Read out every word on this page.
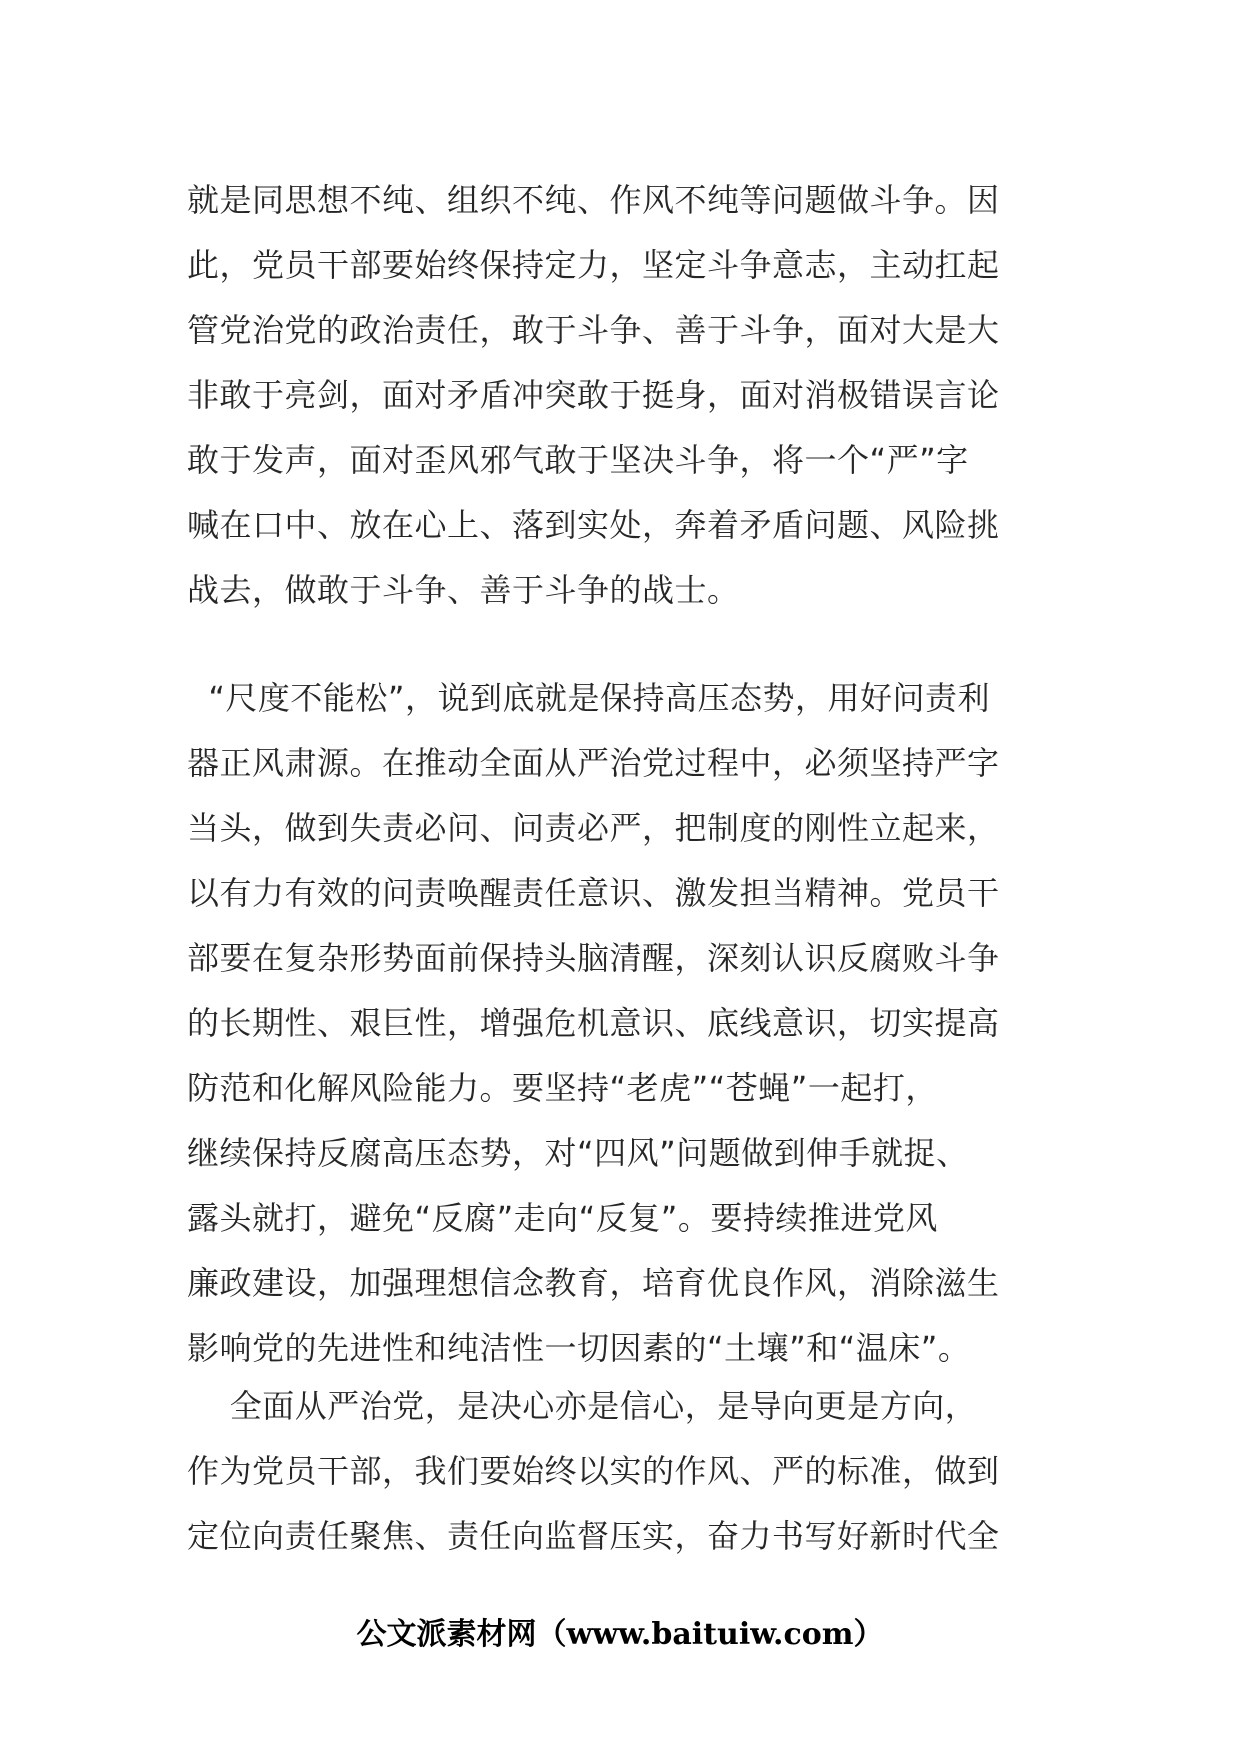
就是同思想不纯、组织不纯、作风不纯等问题做斗争。因
此，党员干部要始终保持定力，坚定斗争意志，主动扛起
管党治党的政治责任，敢于斗争、善于斗争，面对大是大
非敢于亮剑，面对矛盾冲突敢于挺身，面对消极错误言论
敢于发声，面对歪风邪气敢于坚决斗争，将一个“严”字
喊在口中、放在心上、落到实处，奔着矛盾问题、风险挑
战去，做敢于斗争、善于斗争的战士。
“尺度不能松”，说到底就是保持高压态势，用好问责利
器正风肃源。在推动全面从严治党过程中，必须坚持严字
当头，做到失责必问、问责必严，把制度的刚性立起来，
以有力有效的问责唤醒责任意识、激发担当精神。党员干
部要在复杂形势面前保持头脑清醒，深刻认识反腐败斗争
的长期性、艰巨性，增强危机意识、底线意识，切实提高
防范和化解风险能力。要坚持“老虎”“苍蝇”一起打，
继续保持反腐高压态势，对“四风”问题做到伸手就捉、
露头就打，避免“反腐”走向“反复”。要持续推进党风
廉政建设，加强理想信念教育，培育优良作风，消除滋生
影响党的先进性和纯洁性一切因素的“土壤”和“温床”。
全面从严治党，是决心亦是信心，是导向更是方向，
作为党员干部，我们要始终以实的作风、严的标准，做到
定位向责任聚焦、责任向监督压实，奋力书写好新时代全
公文派素材网（www.baituiw.com）
